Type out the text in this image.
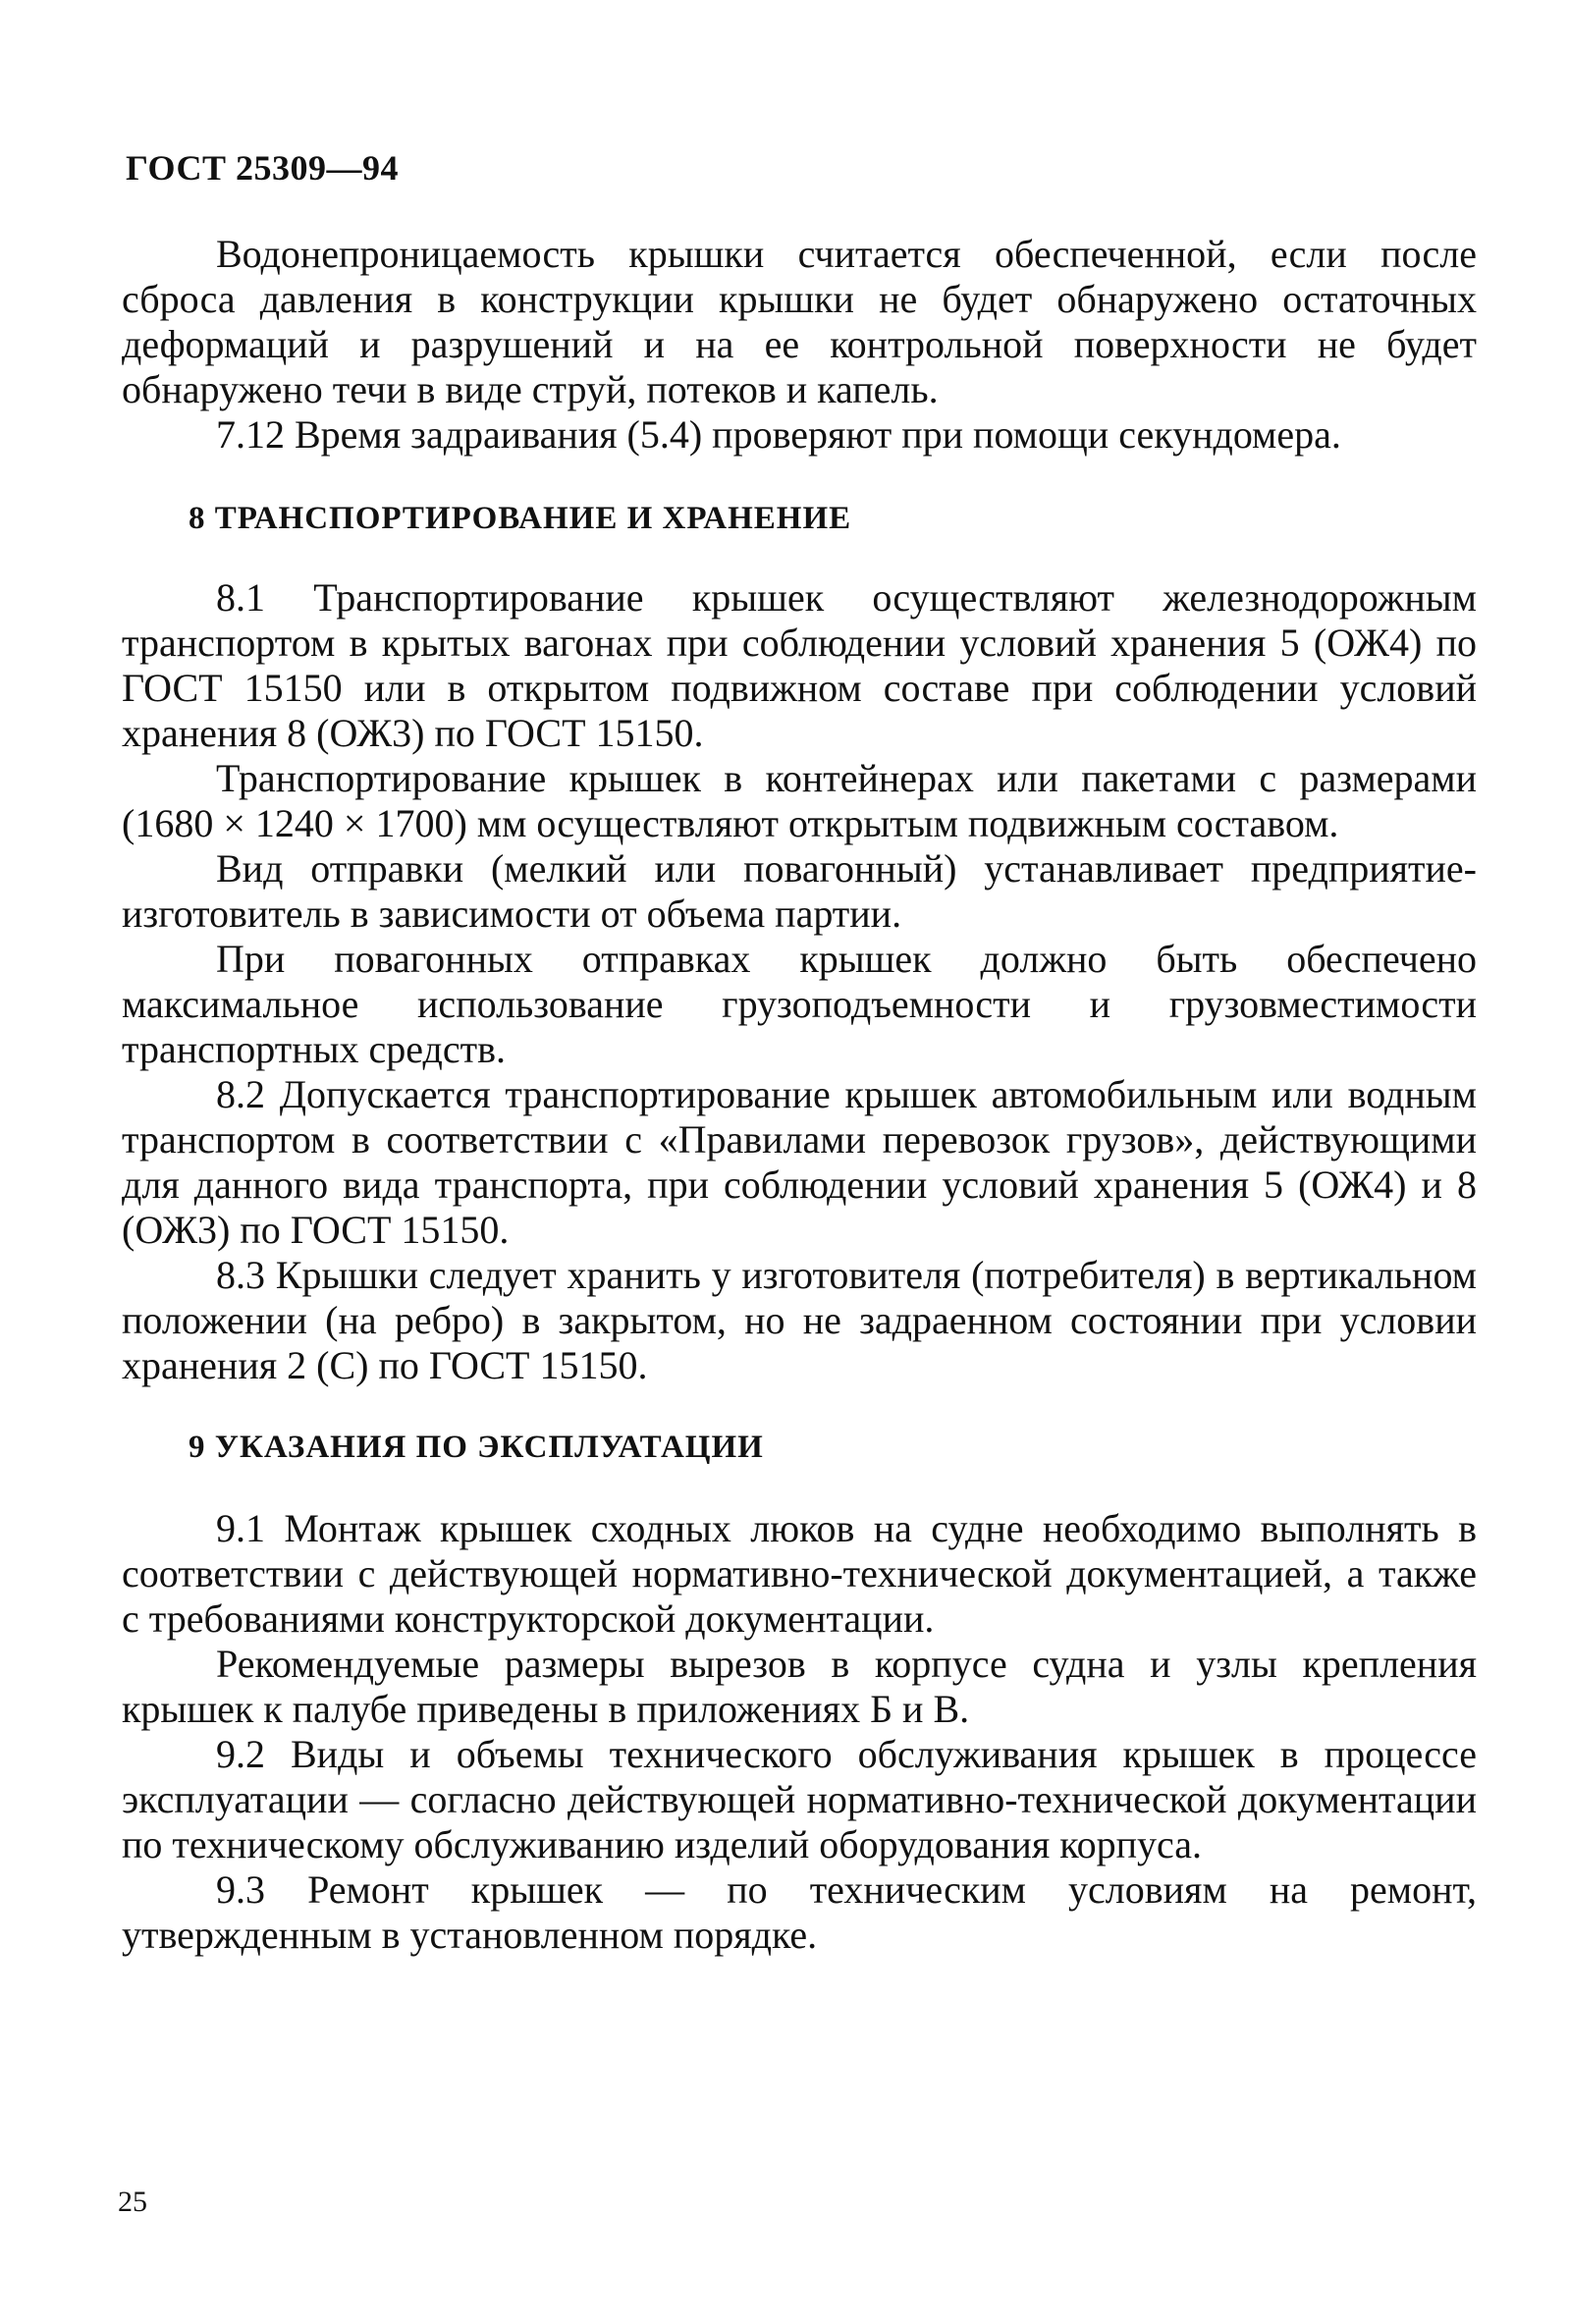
ГОСТ 25309—94

Водонепроницаемость крышки считается обеспеченной, если после сброса давления в конструкции крышки не будет обнаружено остаточных деформаций и разрушений и на ее контрольной поверхности не будет обнаружено течи в виде струй, потеков и капель.

7.12 Время задраивания (5.4) проверяют при помощи секундомера.

8 ТРАНСПОРТИРОВАНИЕ И ХРАНЕНИЕ

8.1 Транспортирование крышек осуществляют железнодорожным транспортом в крытых вагонах при соблюдении условий хранения 5 (ОЖ4) по ГОСТ 15150 или в открытом подвижном составе при соблюдении условий хранения 8 (ОЖ3) по ГОСТ 15150.

Транспортирование крышек в контейнерах или пакетами с размерами (1680 × 1240 × 1700) мм осуществляют открытым подвижным составом.

Вид отправки (мелкий или повагонный) устанавливает предприятие-изготовитель в зависимости от объема партии.

При повагонных отправках крышек должно быть обеспечено максимальное использование грузоподъемности и грузовместимости транспортных средств.

8.2 Допускается транспортирование крышек автомобильным или водным транспортом в соответствии с «Правилами перевозок грузов», действующими для данного вида транспорта, при соблюдении условий хранения 5 (ОЖ4) и 8 (ОЖ3) по ГОСТ 15150.

8.3 Крышки следует хранить у изготовителя (потребителя) в вертикальном положении (на ребро) в закрытом, но не задраенном состоянии при условии хранения 2 (С) по ГОСТ 15150.

9 УКАЗАНИЯ ПО ЭКСПЛУАТАЦИИ

9.1 Монтаж крышек сходных люков на судне необходимо выполнять в соответствии с действующей нормативно-технической документацией, а также с требованиями конструкторской документации.

Рекомендуемые размеры вырезов в корпусе судна и узлы крепления крышек к палубе приведены в приложениях Б и В.

9.2 Виды и объемы технического обслуживания крышек в процессе эксплуатации — согласно действующей нормативно-технической документации по техническому обслуживанию изделий оборудования корпуса.

9.3 Ремонт крышек — по техническим условиям на ремонт, утвержденным в установленном порядке.

25
